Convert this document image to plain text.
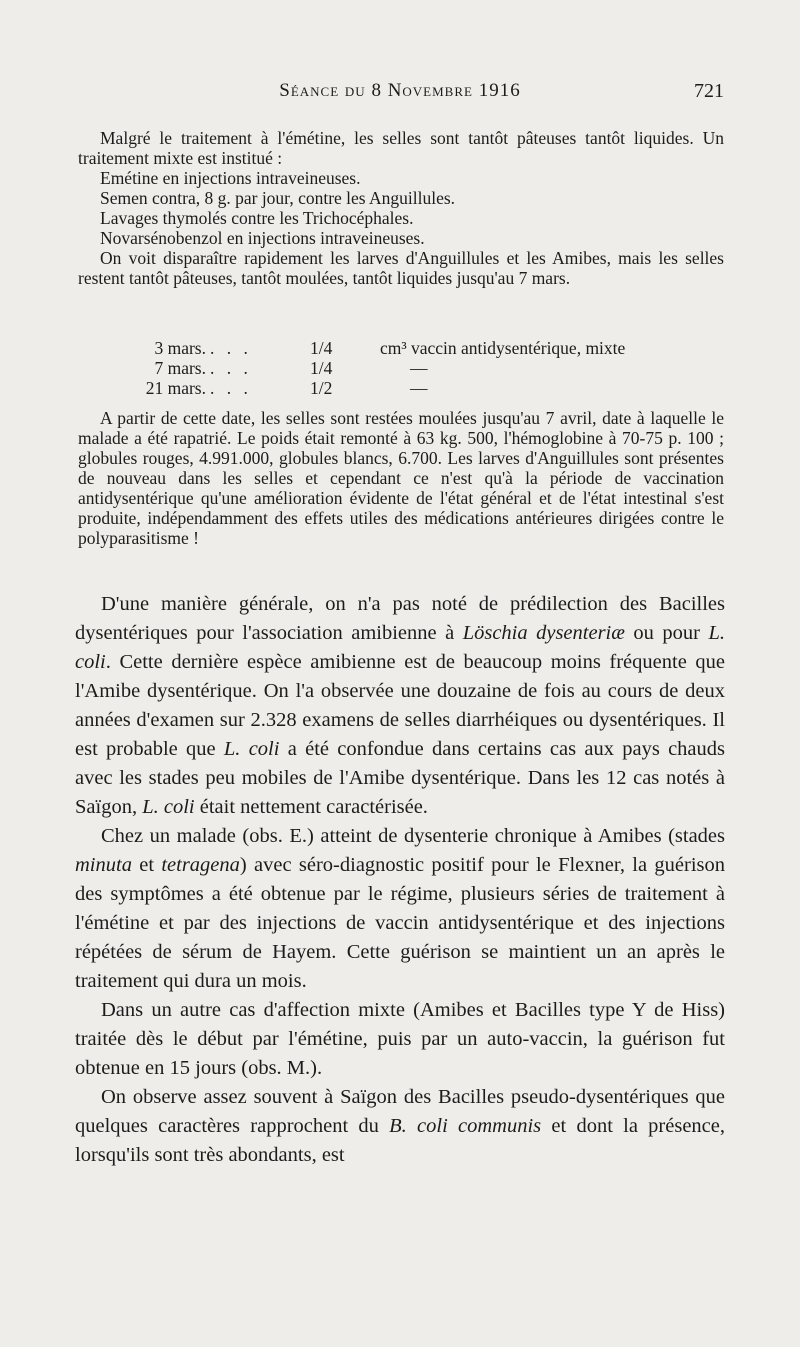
Séance du 8 Novembre 1916	721

Malgré le traitement à l'émétine, les selles sont tantôt pâteuses tantôt liquides. Un traitement mixte est institué :

Emétine en injections intraveineuses.

Semen contra, 8 g. par jour, contre les Anguillules.

Lavages thymolés contre les Trichocéphales.

Novarsénobenzol en injections intraveineuses.

On voit disparaître rapidement les larves d'Anguillules et les Amibes, mais les selles restent tantôt pâteuses, tantôt moulées, tantôt liquides jusqu'au 7 mars.

3 mars. . . .	1/4	cm³ vaccin antidysentérique, mixte
7 mars. . . .	1/4	—
21 mars. . . .	1/2	—

A partir de cette date, les selles sont restées moulées jusqu'au 7 avril, date à laquelle le malade a été rapatrié. Le poids était remonté à 63 kg. 500, l'hémoglobine à 70-75 p. 100 ; globules rouges, 4.991.000, globules blancs, 6.700. Les larves d'Anguillules sont présentes de nouveau dans les selles et cependant ce n'est qu'à la période de vaccination antidysentérique qu'une amélioration évidente de l'état général et de l'état intestinal s'est produite, indépendamment des effets utiles des médications antérieures dirigées contre le polyparasitisme !

D'une manière générale, on n'a pas noté de prédilection des Bacilles dysentériques pour l'association amibienne à Löschia dysenteriæ ou pour L. coli. Cette dernière espèce amibienne est de beaucoup moins fréquente que l'Amibe dysentérique. On l'a observée une douzaine de fois au cours de deux années d'examen sur 2.328 examens de selles diarrhéiques ou dysentériques. Il est probable que L. coli a été confondue dans certains cas aux pays chauds avec les stades peu mobiles de l'Amibe dysentérique. Dans les 12 cas notés à Saïgon, L. coli était nettement caractérisée.

Chez un malade (obs. E.) atteint de dysenterie chronique à Amibes (stades minuta et tetragena) avec séro-diagnostic positif pour le Flexner, la guérison des symptômes a été obtenue par le régime, plusieurs séries de traitement à l'émétine et par des injections de vaccin antidysentérique et des injections répétées de sérum de Hayem. Cette guérison se maintient un an après le traitement qui dura un mois.

Dans un autre cas d'affection mixte (Amibes et Bacilles type Y de Hiss) traitée dès le début par l'émétine, puis par un auto-vaccin, la guérison fut obtenue en 15 jours (obs. M.).

On observe assez souvent à Saïgon des Bacilles pseudo-dysentériques que quelques caractères rapprochent du B. coli communis et dont la présence, lorsqu'ils sont très abondants, est
